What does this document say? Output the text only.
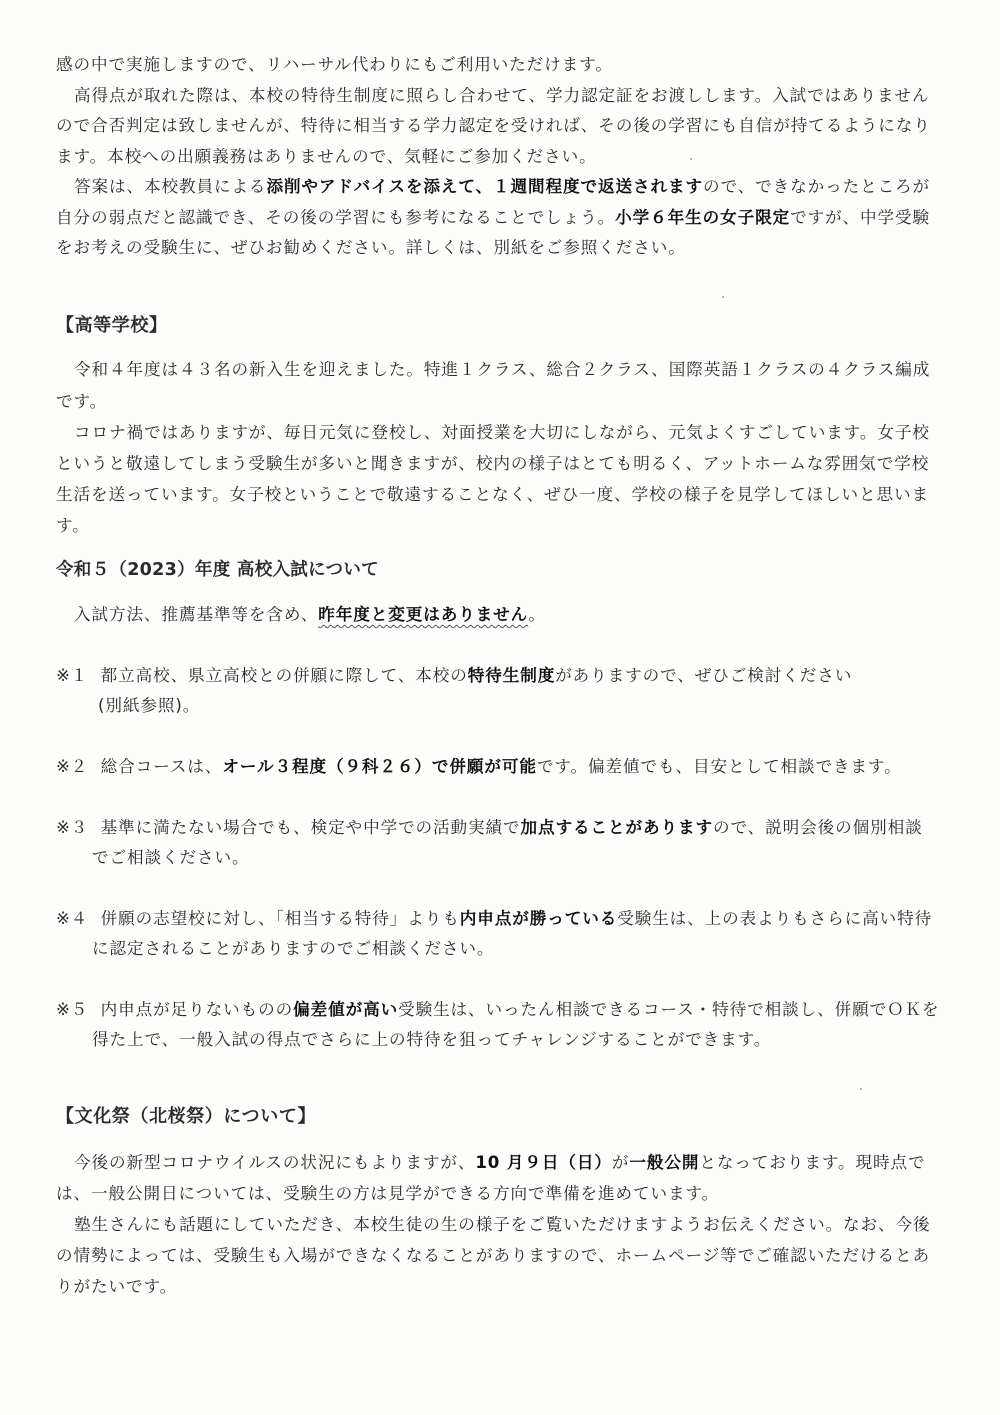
感の中で実施しますので、リハーサル代わりにもご利用いただけます。
高得点が取れた際は、本校の特待生制度に照らし合わせて、学力認定証をお渡しします。入試ではありません
ので合否判定は致しませんが、特待に相当する学力認定を受ければ、その後の学習にも自信が持てるようになり
ます。本校への出願義務はありませんので、気軽にご参加ください。
答案は、本校教員による添削やアドバイスを添えて、１週間程度で返送されますので、できなかったところが
自分の弱点だと認識でき、その後の学習にも参考になることでしょう。小学６年生の女子限定ですが、中学受験
をお考えの受験生に、ぜひお勧めください。詳しくは、別紙をご参照ください。
【高等学校】
令和４年度は４３名の新入生を迎えました。特進１クラス、総合２クラス、国際英語１クラスの４クラス編成
です。
コロナ禍ではありますが、毎日元気に登校し、対面授業を大切にしながら、元気よくすごしています。女子校
というと敬遠してしまう受験生が多いと聞きますが、校内の様子はとても明るく、アットホームな雰囲気で学校
生活を送っています。女子校ということで敬遠することなく、ぜひ一度、学校の様子を見学してほしいと思いま
す。
令和５（2023）年度 高校入試について
入試方法、推薦基準等を含め、昨年度と変更はありません。
※１ 都立高校、県立高校との併願に際して、本校の特待生制度がありますので、ぜひご検討ください
(別紙参照)。
※２ 総合コースは、オール３程度（９科２６）で併願が可能です。偏差値でも、目安として相談できます。
※３ 基準に満たない場合でも、検定や中学での活動実績で加点することがありますので、説明会後の個別相談
でご相談ください。
※４ 併願の志望校に対し、「相当する特待」よりも内申点が勝っている受験生は、上の表よりもさらに高い特待
に認定されることがありますのでご相談ください。
※５ 内申点が足りないものの偏差値が高い受験生は、いったん相談できるコース・特待で相談し、併願でＯＫを
得た上で、一般入試の得点でさらに上の特待を狙ってチャレンジすることができます。
【文化祭（北桜祭）について】
今後の新型コロナウイルスの状況にもよりますが、10 月９日（日）が一般公開となっております。現時点で
は、一般公開日については、受験生の方は見学ができる方向で準備を進めています。
塾生さんにも話題にしていただき、本校生徒の生の様子をご覧いただけますようお伝えください。なお、今後
の情勢によっては、受験生も入場ができなくなることがありますので、ホームページ等でご確認いただけるとあ
りがたいです。
